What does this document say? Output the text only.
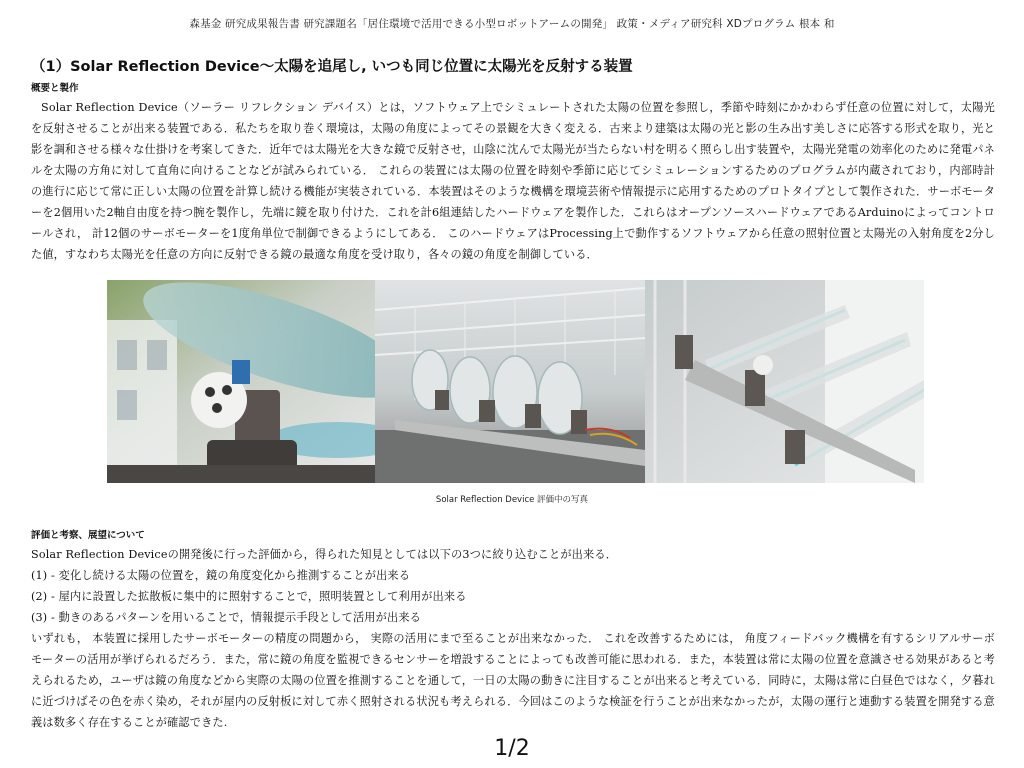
森基金 研究成果報告書 研究課題名「居住環境で活用できる小型ロボットアームの開発」 政策・メディア研究科 XDプログラム 根本 和
（1）Solar Reflection Device〜太陽を追尾し, いつも同じ位置に太陽光を反射する装置
概要と製作

Solar Reflection Device（ソーラー リフレクション デバイス）とは，ソフトウェア上でシミュレートされた太陽の位置を参照し，季節や時刻にかかわらず任意の位置に対して，太陽光を反射させることが出来る装置である．私たちを取り巻く環境は，太陽の角度によってその景観を大きく変える．古来より建築は太陽の光と影の生み出す美しさに応答する形式を取り，光と影を調和させる様々な仕掛けを考案してきた．近年では太陽光を大きな鏡で反射させ，山陰に沈んで太陽光が当たらない村を明るく照らし出す装置や，太陽光発電の効率化のために発電パネルを太陽の方角に対して直角に向けることなどが試みられている． これらの装置には太陽の位置を時刻や季節に応じてシミュレーションするためのプログラムが内蔵されており，内部時計の進行に応じて常に正しい太陽の位置を計算し続ける機能が実装されている．本装置はそのような機構を環境芸術や情報提示に応用するためのプロトタイプとして製作された．サーボモーターを2個用いた2軸自由度を持つ腕を製作し，先端に鏡を取り付けた．これを計6組連結したハードウェアを製作した．これらはオープンソースハードウェアであるArduinoによってコントロールされ， 計12個のサーボモーターを1度角単位で制御できるようにしてある． このハードウェアはProcessing上で動作するソフトウェアから任意の照射位置と太陽光の入射角度を2分した値，すなわち太陽光を任意の方向に反射できる鏡の最適な角度を受け取り，各々の鏡の角度を制御している．

Solar Reflection Device 評価中の写真
評価と考察、展望について

Solar Reflection Deviceの開発後に行った評価から，得られた知見としては以下の3つに絞り込むことが出来る．

(1) - 変化し続ける太陽の位置を，鏡の角度変化から推測することが出来る

(2) - 屋内に設置した拡散板に集中的に照射することで，照明装置として利用が出来る

(3) - 動きのあるパターンを用いることで，情報提示手段として活用が出来る

いずれも， 本装置に採用したサーボモーターの精度の問題から， 実際の活用にまで至ることが出来なかった． これを改善するためには， 角度フィードバック機構を有するシリアルサーボモーターの活用が挙げられるだろう．また，常に鏡の角度を監視できるセンサーを増設することによっても改善可能に思われる．また，本装置は常に太陽の位置を意識させる効果があると考えられるため，ユーザは鏡の角度などから実際の太陽の位置を推測することを通して，一日の太陽の動きに注目することが出来ると考えている．同時に，太陽は常に白昼色ではなく，夕暮れに近づけばその色を赤く染め，それが屋内の反射板に対して赤く照射される状況も考えられる．今回はこのような検証を行うことが出来なかったが，太陽の運行と連動する装置を開発する意義は数多く存在することが確認できた.

1/2
